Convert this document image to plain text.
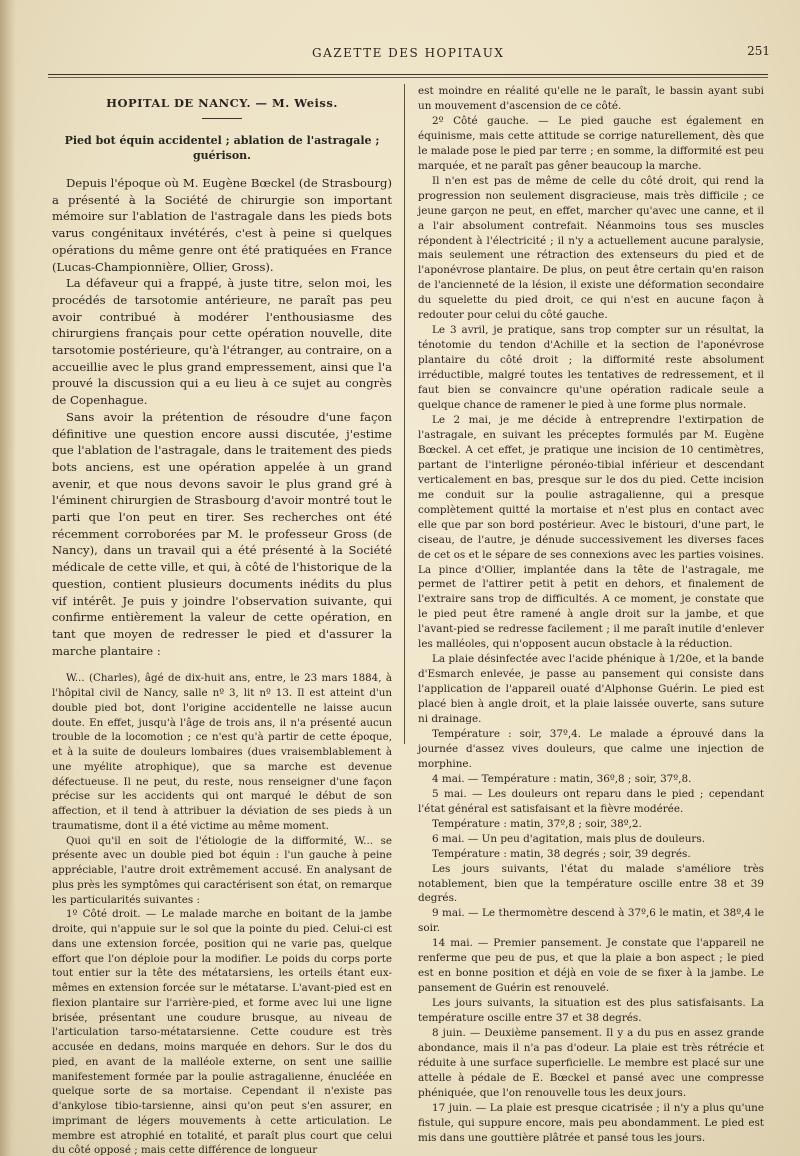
GAZETTE DES HOPITAUX	251
HOPITAL DE NANCY. — M. Weiss.
Pied bot équin accidentel ; ablation de l'astragale ; guérison.

Depuis l'époque où M. Eugène Bœckel (de Strasbourg) a présenté à la Société de chirurgie son important mémoire sur l'ablation de l'astragale dans les pieds bots varus congénitaux invétérés, c'est à peine si quelques opérations du même genre ont été pratiquées en France (Lucas-Championnière, Ollier, Gross).

La défaveur qui a frappé, à juste titre, selon moi, les procédés de tarsotomie antérieure, ne paraît pas peu avoir contribué à modérer l'enthousiasme des chirurgiens français pour cette opération nouvelle, dite tarsotomie postérieure, qu'à l'étranger, au contraire, on a accueillie avec le plus grand empressement, ainsi que l'a prouvé la discussion qui a eu lieu à ce sujet au congrès de Copenhague.

Sans avoir la prétention de résoudre d'une façon définitive une question encore aussi discutée, j'estime que l'ablation de l'astragale, dans le traitement des pieds bots anciens, est une opération appelée à un grand avenir, et que nous devons savoir le plus grand gré à l'éminent chirurgien de Strasbourg d'avoir montré tout le parti que l'on peut en tirer. Ses recherches ont été récemment corroborées par M. le professeur Gross (de Nancy), dans un travail qui a été présenté à la Société médicale de cette ville, et qui, à côté de l'historique de la question, contient plusieurs documents inédits du plus vif intérêt. Je puis y joindre l'observation suivante, qui confirme entièrement la valeur de cette opération, en tant que moyen de redresser le pied et d'assurer la marche plantaire :

W... (Charles), âgé de dix-huit ans, entre, le 23 mars 1884, à l'hôpital civil de Nancy, salle nº 3, lit nº 13. Il est atteint d'un double pied bot, dont l'origine accidentelle ne laisse aucun doute. En effet, jusqu'à l'âge de trois ans, il n'a présenté aucun trouble de la locomotion ; ce n'est qu'à partir de cette époque, et à la suite de douleurs lombaires (dues vraisemblablement à une myélite atrophique), que sa marche est devenue défectueuse. Il ne peut, du reste, nous renseigner d'une façon précise sur les accidents qui ont marqué le début de son affection, et il tend à attribuer la déviation de ses pieds à un traumatisme, dont il a été victime au même moment.

Quoi qu'il en soit de l'étiologie de la difformité, W... se présente avec un double pied bot équin : l'un gauche à peine appréciable, l'autre droit extrêmement accusé. En analysant de plus près les symptômes qui caractérisent son état, on remarque les particularités suivantes :

1º Côté droit. — Le malade marche en boitant de la jambe droite, qui n'appuie sur le sol que la pointe du pied. Celui-ci est dans une extension forcée, position qui ne varie pas, quelque effort que l'on déploie pour la modifier. Le poids du corps porte tout entier sur la tête des métatarsiens, les orteils étant eux-mêmes en extension forcée sur le métatarse. L'avant-pied est en flexion plantaire sur l'arrière-pied, et forme avec lui une ligne brisée, présentant une coudure brusque, au niveau de l'articulation tarso-métatarsienne. Cette coudure est très accusée en dedans, moins marquée en dehors. Sur le dos du pied, en avant de la malléole externe, on sent une saillie manifestement formée par la poulie astragalienne, énucléée en quelque sorte de sa mortaise. Cependant il n'existe pas d'ankylose tibio-tarsienne, ainsi qu'on peut s'en assurer, en imprimant de légers mouvements à cette articulation. Le membre est atrophié en totalité, et paraît plus court que celui du côté opposé ; mais cette différence de longueur

est moindre en réalité qu'elle ne le paraît, le bassin ayant subi un mouvement d'ascension de ce côté.

2º Côté gauche. — Le pied gauche est également en équinisme, mais cette attitude se corrige naturellement, dès que le malade pose le pied par terre ; en somme, la difformité est peu marquée, et ne paraît pas gêner beaucoup la marche.

Il n'en est pas de même de celle du côté droit, qui rend la progression non seulement disgracieuse, mais très difficile ; ce jeune garçon ne peut, en effet, marcher qu'avec une canne, et il a l'air absolument contrefait. Néanmoins tous ses muscles répondent à l'électricité ; il n'y a actuellement aucune paralysie, mais seulement une rétraction des extenseurs du pied et de l'aponévrose plantaire. De plus, on peut être certain qu'en raison de l'ancienneté de la lésion, il existe une déformation secondaire du squelette du pied droit, ce qui n'est en aucune façon à redouter pour celui du côté gauche.

Le 3 avril, je pratique, sans trop compter sur un résultat, la ténotomie du tendon d'Achille et la section de l'aponévrose plantaire du côté droit ; la difformité reste absolument irréductible, malgré toutes les tentatives de redressement, et il faut bien se convaincre qu'une opération radicale seule a quelque chance de ramener le pied à une forme plus normale.

Le 2 mai, je me décide à entreprendre l'extirpation de l'astragale, en suivant les préceptes formulés par M. Eugène Bœckel. A cet effet, je pratique une incision de 10 centimètres, partant de l'interligne péronéo-tibial inférieur et descendant verticalement en bas, presque sur le dos du pied. Cette incision me conduit sur la poulie astragalienne, qui a presque complètement quitté la mortaise et n'est plus en contact avec elle que par son bord postérieur. Avec le bistouri, d'une part, le ciseau, de l'autre, je dénude successivement les diverses faces de cet os et le sépare de ses connexions avec les parties voisines. La pince d'Ollier, implantée dans la tête de l'astragale, me permet de l'attirer petit à petit en dehors, et finalement de l'extraire sans trop de difficultés. A ce moment, je constate que le pied peut être ramené à angle droit sur la jambe, et que l'avant-pied se redresse facilement ; il me paraît inutile d'enlever les malléoles, qui n'opposent aucun obstacle à la réduction.

La plaie désinfectée avec l'acide phénique à 1/20e, et la bande d'Esmarch enlevée, je passe au pansement qui consiste dans l'application de l'appareil ouaté d'Alphonse Guérin. Le pied est placé bien à angle droit, et la plaie laissée ouverte, sans suture ni drainage.

Température : soir, 37º,4. Le malade a éprouvé dans la journée d'assez vives douleurs, que calme une injection de morphine.

4 mai. — Température : matin, 36º,8 ; soir, 37º,8.

5 mai. — Les douleurs ont reparu dans le pied ; cependant l'état général est satisfaisant et la fièvre modérée.

Température : matin, 37º,8 ; soir, 38º,2.

6 mai. — Un peu d'agitation, mais plus de douleurs.

Température : matin, 38 degrés ; soir, 39 degrés.

Les jours suivants, l'état du malade s'améliore très notablement, bien que la température oscille entre 38 et 39 degrés.

9 mai. — Le thermomètre descend à 37º,6 le matin, et 38º,4 le soir.

14 mai. — Premier pansement. Je constate que l'appareil ne renferme que peu de pus, et que la plaie a bon aspect ; le pied est en bonne position et déjà en voie de se fixer à la jambe. Le pansement de Guérin est renouvelé.

Les jours suivants, la situation est des plus satisfaisants. La température oscille entre 37 et 38 degrés.

8 juin. — Deuxième pansement. Il y a du pus en assez grande abondance, mais il n'a pas d'odeur. La plaie est très rétrécie et réduite à une surface superficielle. Le membre est placé sur une attelle à pédale de E. Bœckel et pansé avec une compresse phéniquée, que l'on renouvelle tous les deux jours.

17 juin. — La plaie est presque cicatrisée ; il n'y a plus qu'une fistule, qui suppure encore, mais peu abondamment. Le pied est mis dans une gouttière plâtrée et pansé tous les jours.
